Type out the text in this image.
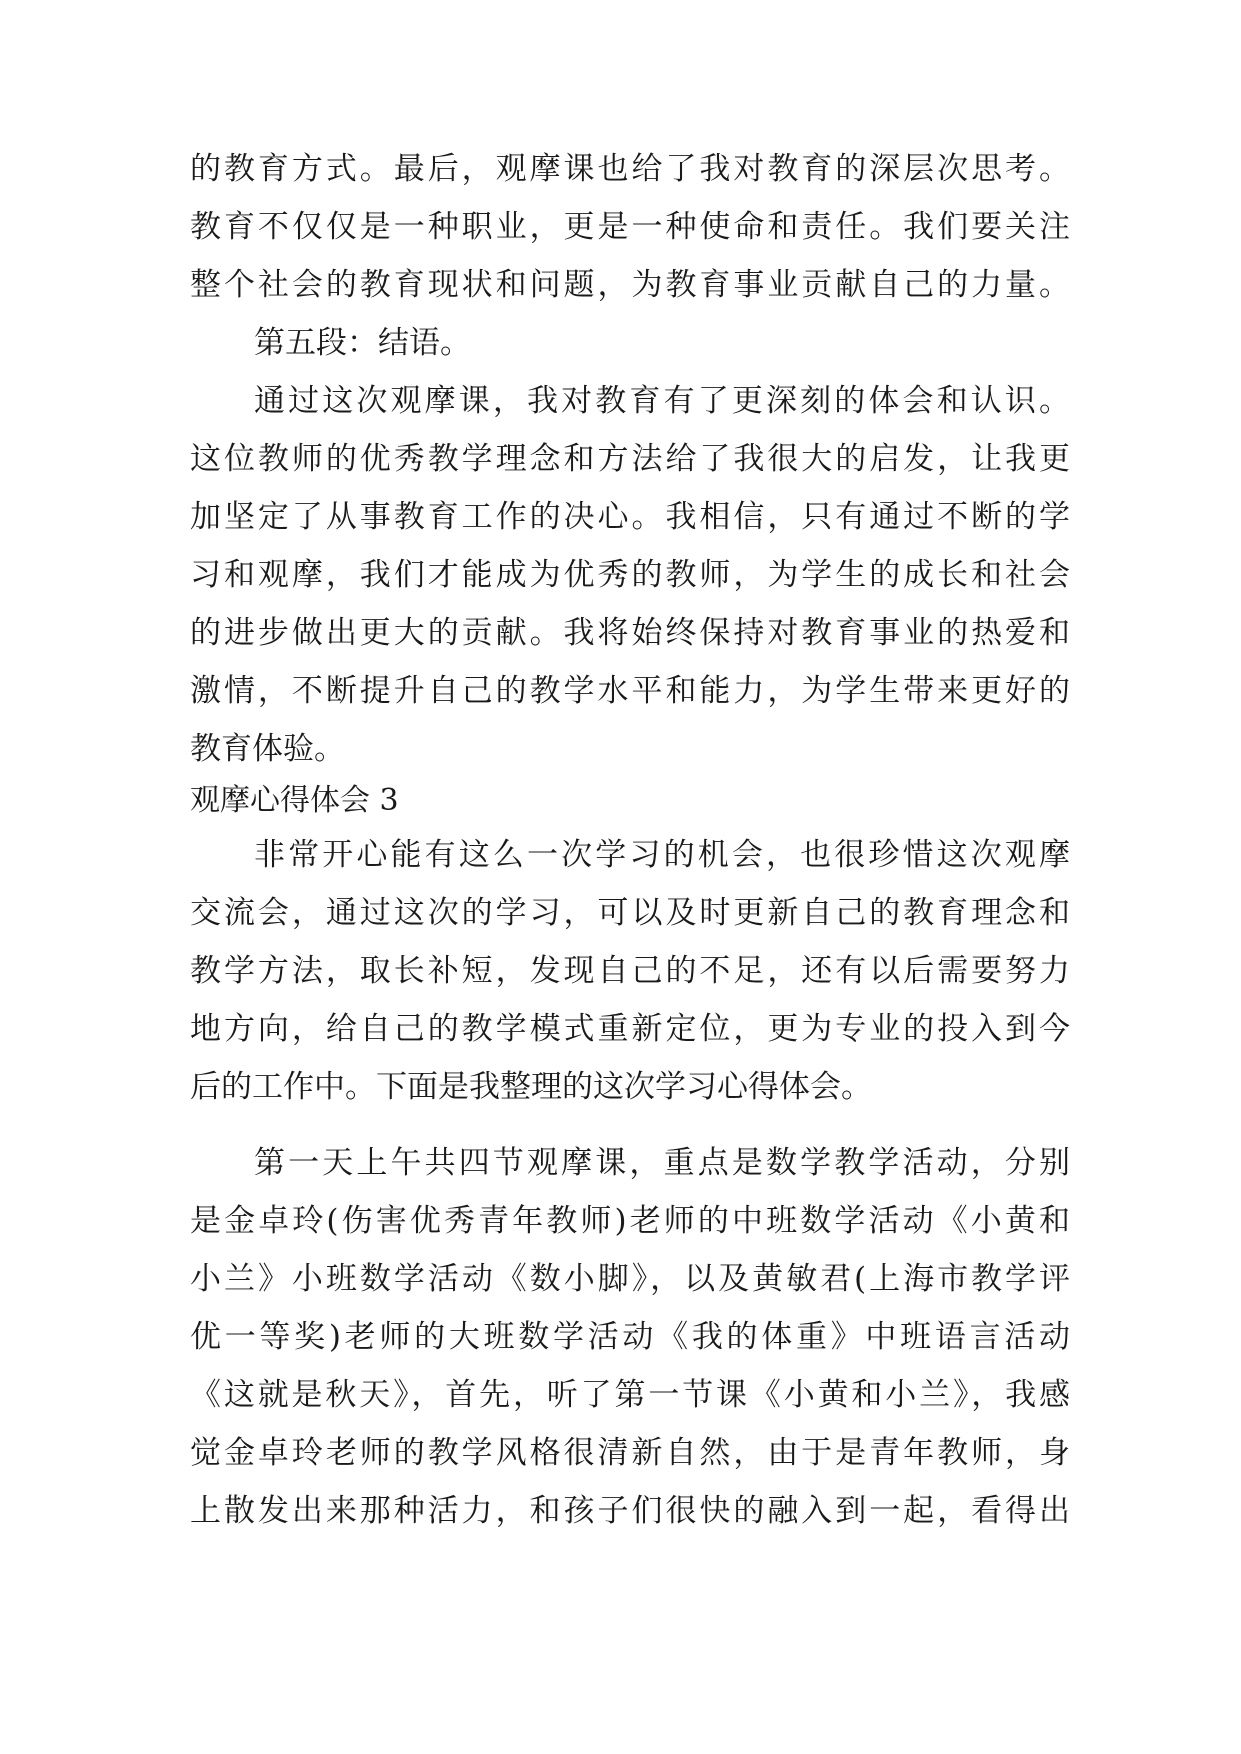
的教育方式。最后，观摩课也给了我对教育的深层次思考。
教育不仅仅是一种职业，更是一种使命和责任。我们要关注
整个社会的教育现状和问题，为教育事业贡献自己的力量。
第五段：结语。
通过这次观摩课，我对教育有了更深刻的体会和认识。
这位教师的优秀教学理念和方法给了我很大的启发，让我更
加坚定了从事教育工作的决心。我相信，只有通过不断的学
习和观摩，我们才能成为优秀的教师，为学生的成长和社会
的进步做出更大的贡献。我将始终保持对教育事业的热爱和
激情，不断提升自己的教学水平和能力，为学生带来更好的
教育体验。
观摩心得体会 3
非常开心能有这么一次学习的机会，也很珍惜这次观摩
交流会，通过这次的学习，可以及时更新自己的教育理念和
教学方法，取长补短，发现自己的不足，还有以后需要努力
地方向，给自己的教学模式重新定位，更为专业的投入到今
后的工作中。下面是我整理的这次学习心得体会。
第一天上午共四节观摩课，重点是数学教学活动，分别
是金卓玲(伤害优秀青年教师)老师的中班数学活动《小黄和
小兰》小班数学活动《数小脚》，以及黄敏君(上海市教学评
优一等奖)老师的大班数学活动《我的体重》中班语言活动
《这就是秋天》，首先，听了第一节课《小黄和小兰》，我感
觉金卓玲老师的教学风格很清新自然，由于是青年教师，身
上散发出来那种活力，和孩子们很快的融入到一起，看得出
